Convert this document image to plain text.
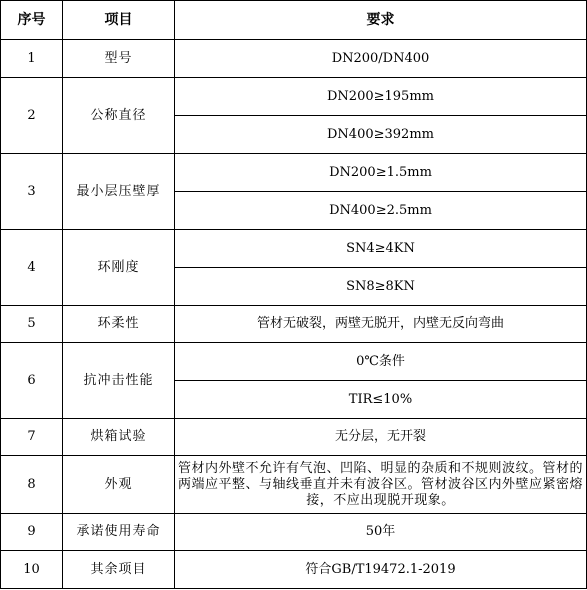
序号	项目	要求
1	型号	DN200/DN400
2	公称直径	DN200≥195mm
		DN400≥392mm
3	最小层压壁厚	DN200≥1.5mm
		DN400≥2.5mm
4	环刚度	SN4≥4KN
		SN8≥8KN
5	环柔性	管材无破裂，两壁无脱开，内壁无反向弯曲
6	抗冲击性能	0℃条件
		TIR≤10%
7	烘箱试验	无分层，无开裂
8	外观	管材内外壁不允许有气泡、凹陷、明显的杂质和不规则波纹。管材的两端应平整、与轴线垂直并未有波谷区。管材波谷区内外壁应紧密熔接，不应出现脱开现象。
9	承诺使用寿命	50年
10	其余项目	符合GB/T19472.1-2019
